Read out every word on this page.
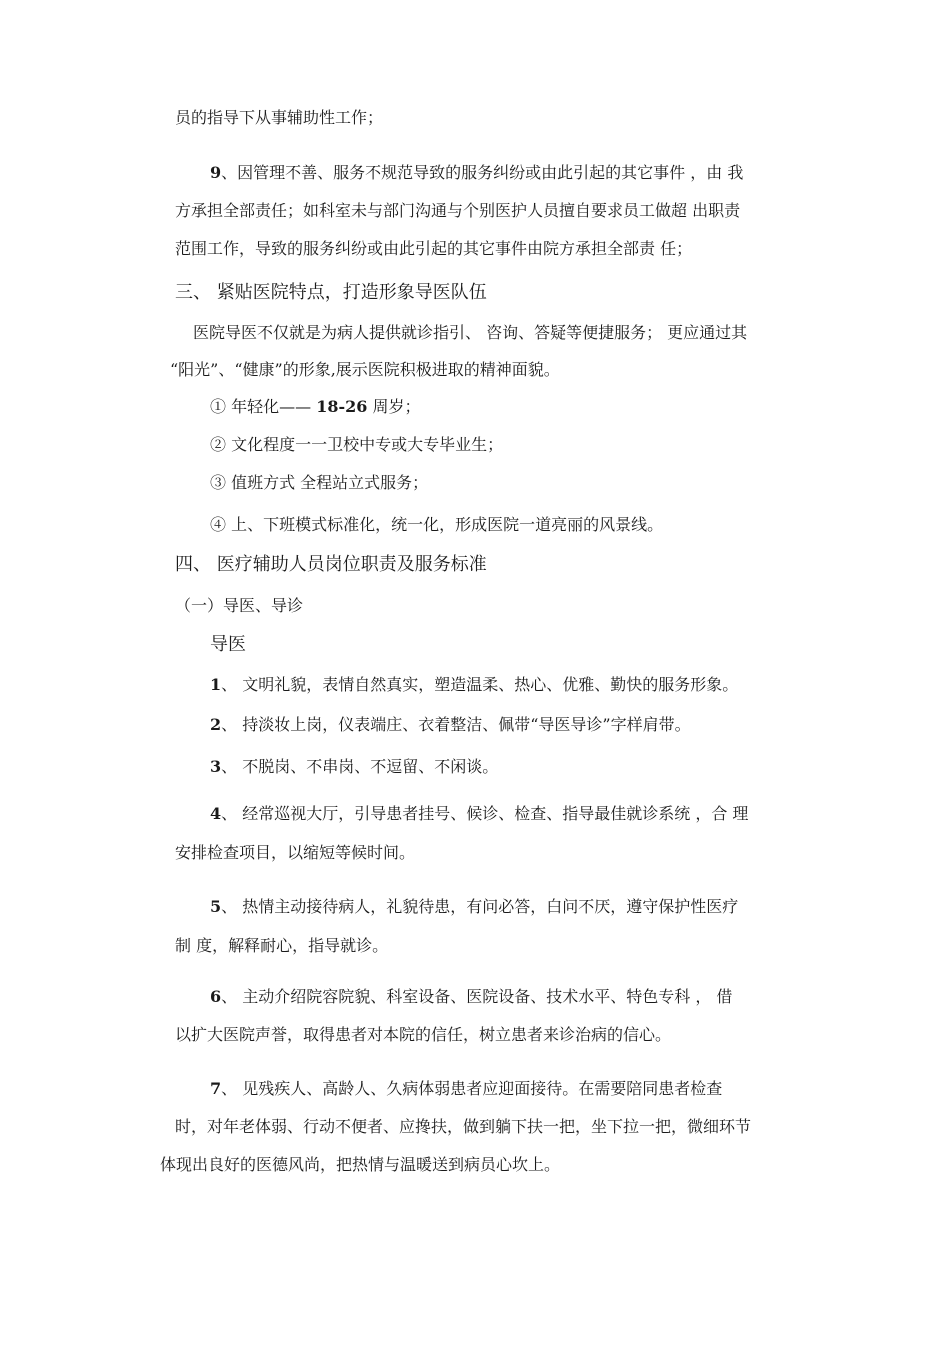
员的指导下从事辅助性工作；

9、因管理不善、服务不规范导致的服务纠纷或由此引起的其它事件 ，由 我

方承担全部责任；如科室未与部门沟通与个别医护人员擅自要求员工做超 出职责

范围工作，导致的服务纠纷或由此引起的其它事件由院方承担全部责 任；

三、 紧贴医院特点，打造形象导医队伍

医院导医不仅就是为病人提供就诊指引、 咨询、答疑等便捷服务； 更应通过其

“阳光”、“健康”的形象,展示医院积极进取的精神面貌。

① 年轻化—— 18-26 周岁；

② 文化程度一一卫校中专或大专毕业生；

③ 值班方式 全程站立式服务；

④ 上、下班模式标准化，统一化，形成医院一道亮丽的风景线。

四、 医疗辅助人员岗位职责及服务标准

（一）导医、导诊

导医

1、 文明礼貌，表情自然真实，塑造温柔、热心、优雅、勤快的服务形象。

2、 持淡妆上岗，仪表端庄、衣着整洁、佩带“导医导诊”字样肩带。

3、 不脱岗、不串岗、不逗留、不闲谈。

4、 经常巡视大厅，引导患者挂号、候诊、检查、指导最佳就诊系统 ，合 理

安排检查项目，以缩短等候时间。

5、 热情主动接待病人，礼貌待患，有问必答，白问不厌，遵守保护性医疗

制 度，解释耐心，指导就诊。

6、 主动介绍院容院貌、科室设备、医院设备、技术水平、特色专科 ， 借

以扩大医院声誉，取得患者对本院的信任，树立患者来诊治病的信心。

7、 见残疾人、高龄人、久病体弱患者应迎面接待。在需要陪同患者检查

时，对年老体弱、行动不便者、应搀扶，做到躺下扶一把，坐下拉一把，微细环节

体现出良好的医德风尚，把热情与温暖送到病员心坎上。
